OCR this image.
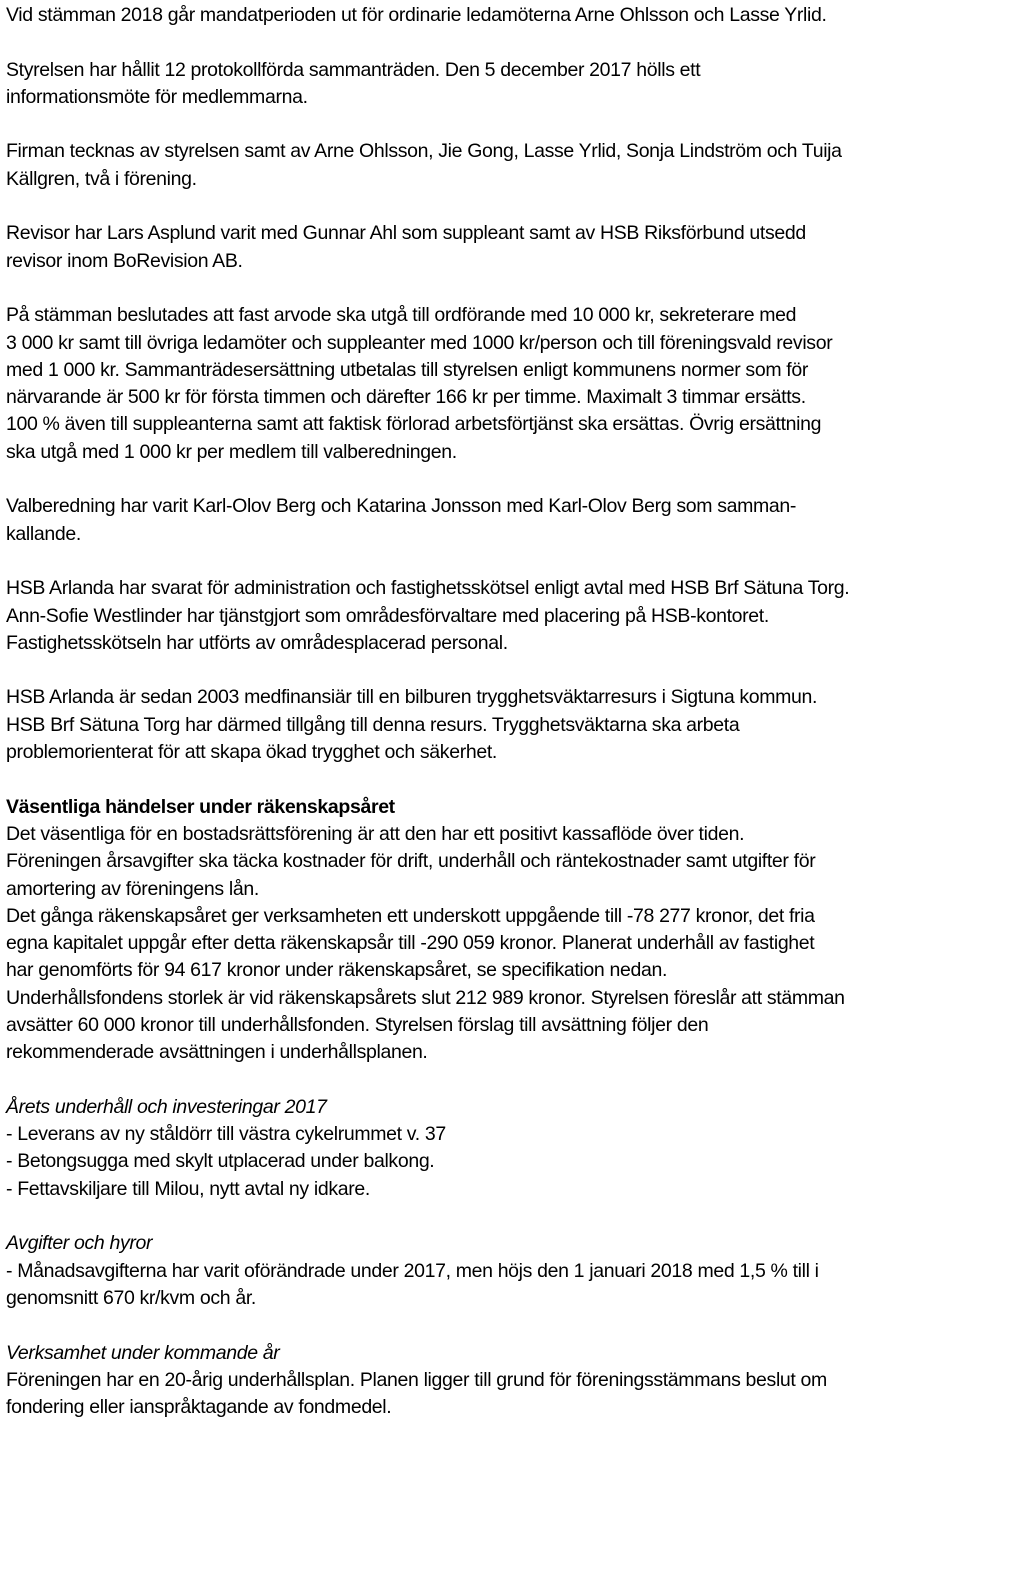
Vid stämman 2018 går mandatperioden ut för ordinarie ledamöterna Arne Ohlsson och Lasse Yrlid.

Styrelsen har hållit 12 protokollförda sammanträden. Den 5 december 2017 hölls ett

informationsmöte för medlemmarna.

Firman tecknas av styrelsen samt av Arne Ohlsson, Jie Gong, Lasse Yrlid, Sonja Lindström och Tuija

Källgren, två i förening.

Revisor har Lars Asplund varit med Gunnar Ahl som suppleant samt av HSB Riksförbund utsedd

revisor inom BoRevision AB.

På stämman beslutades att fast arvode ska utgå till ordförande med 10 000 kr, sekreterare med

3 000 kr samt till övriga ledamöter och suppleanter med 1000 kr/person och till föreningsvald revisor

med 1 000 kr. Sammanträdesersättning utbetalas till styrelsen enligt kommunens normer som för

närvarande är 500 kr för första timmen och därefter 166 kr per timme. Maximalt 3 timmar ersätts.

100 % även till suppleanterna samt att faktisk förlorad arbetsförtjänst ska ersättas. Övrig ersättning

ska utgå med 1 000 kr per medlem till valberedningen.

Valberedning har varit Karl-Olov Berg och Katarina Jonsson med Karl-Olov Berg som samman-

kallande.

HSB Arlanda har svarat för administration och fastighetsskötsel enligt avtal med HSB Brf Sätuna Torg.

Ann-Sofie Westlinder har tjänstgjort som områdesförvaltare med placering på HSB-kontoret.

Fastighetsskötseln har utförts av områdesplacerad personal.

HSB Arlanda är sedan 2003 medfinansiär till en bilburen trygghetsväktarresurs i Sigtuna kommun.

HSB Brf Sätuna Torg har därmed tillgång till denna resurs. Trygghetsväktarna ska arbeta

problemorienterat för att skapa ökad trygghet och säkerhet.

Väsentliga händelser under räkenskapsåret

Det väsentliga för en bostadsrättsförening är att den har ett positivt kassaflöde över tiden.

Föreningen årsavgifter ska täcka kostnader för drift, underhåll och räntekostnader samt utgifter för

amortering av föreningens lån.

Det gånga räkenskapsåret ger verksamheten ett underskott uppgående till -78 277 kronor, det fria

egna kapitalet uppgår efter detta räkenskapsår till -290 059 kronor. Planerat underhåll av fastighet

har genomförts för 94 617 kronor under räkenskapsåret, se specifikation nedan.

Underhållsfondens storlek är vid räkenskapsårets slut 212 989 kronor. Styrelsen föreslår att stämman

avsätter 60 000 kronor till underhållsfonden. Styrelsen förslag till avsättning följer den

rekommenderade avsättningen i underhållsplanen.

Årets underhåll och investeringar 2017

- Leverans av ny ståldörr till västra cykelrummet v. 37

- Betongsugga med skylt utplacerad under balkong.

- Fettavskiljare till Milou, nytt avtal ny idkare.

Avgifter och hyror

- Månadsavgifterna har varit oförändrade under 2017, men höjs den 1 januari 2018 med 1,5 % till i

genomsnitt 670 kr/kvm och år.

Verksamhet under kommande år

Föreningen har en 20-årig underhållsplan. Planen ligger till grund för föreningsstämmans beslut om

fondering eller ianspråktagande av fondmedel.
